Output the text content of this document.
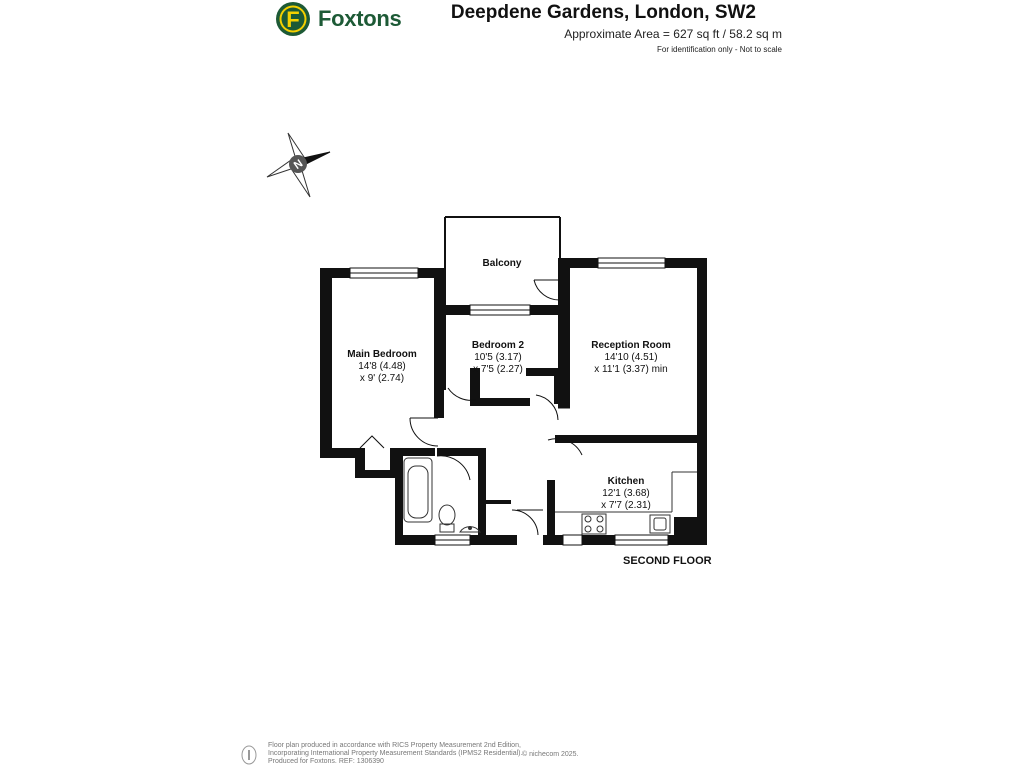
F Foxtons	Deepdene Gardens, London, SW2
Approximate Area = 627 sq ft / 58.2 sq m
For identification only - Not to scale
N
Balcony
Main Bedroom
14'8 (4.48)
x 9' (2.74)
Bedroom 2
10'5 (3.17)
x 7'5 (2.27)
Reception Room
14'10 (4.51)
x 11'1 (3.37) min
Kitchen
12'1 (3.68)
x 7'7 (2.31)
SECOND FLOOR
Floor plan produced in accordance with RICS Property Measurement 2nd Edition,
Incorporating International Property Measurement Standards (IPMS2 Residential).
Produced for Foxtons. REF: 1306390
© nichecom 2025.
